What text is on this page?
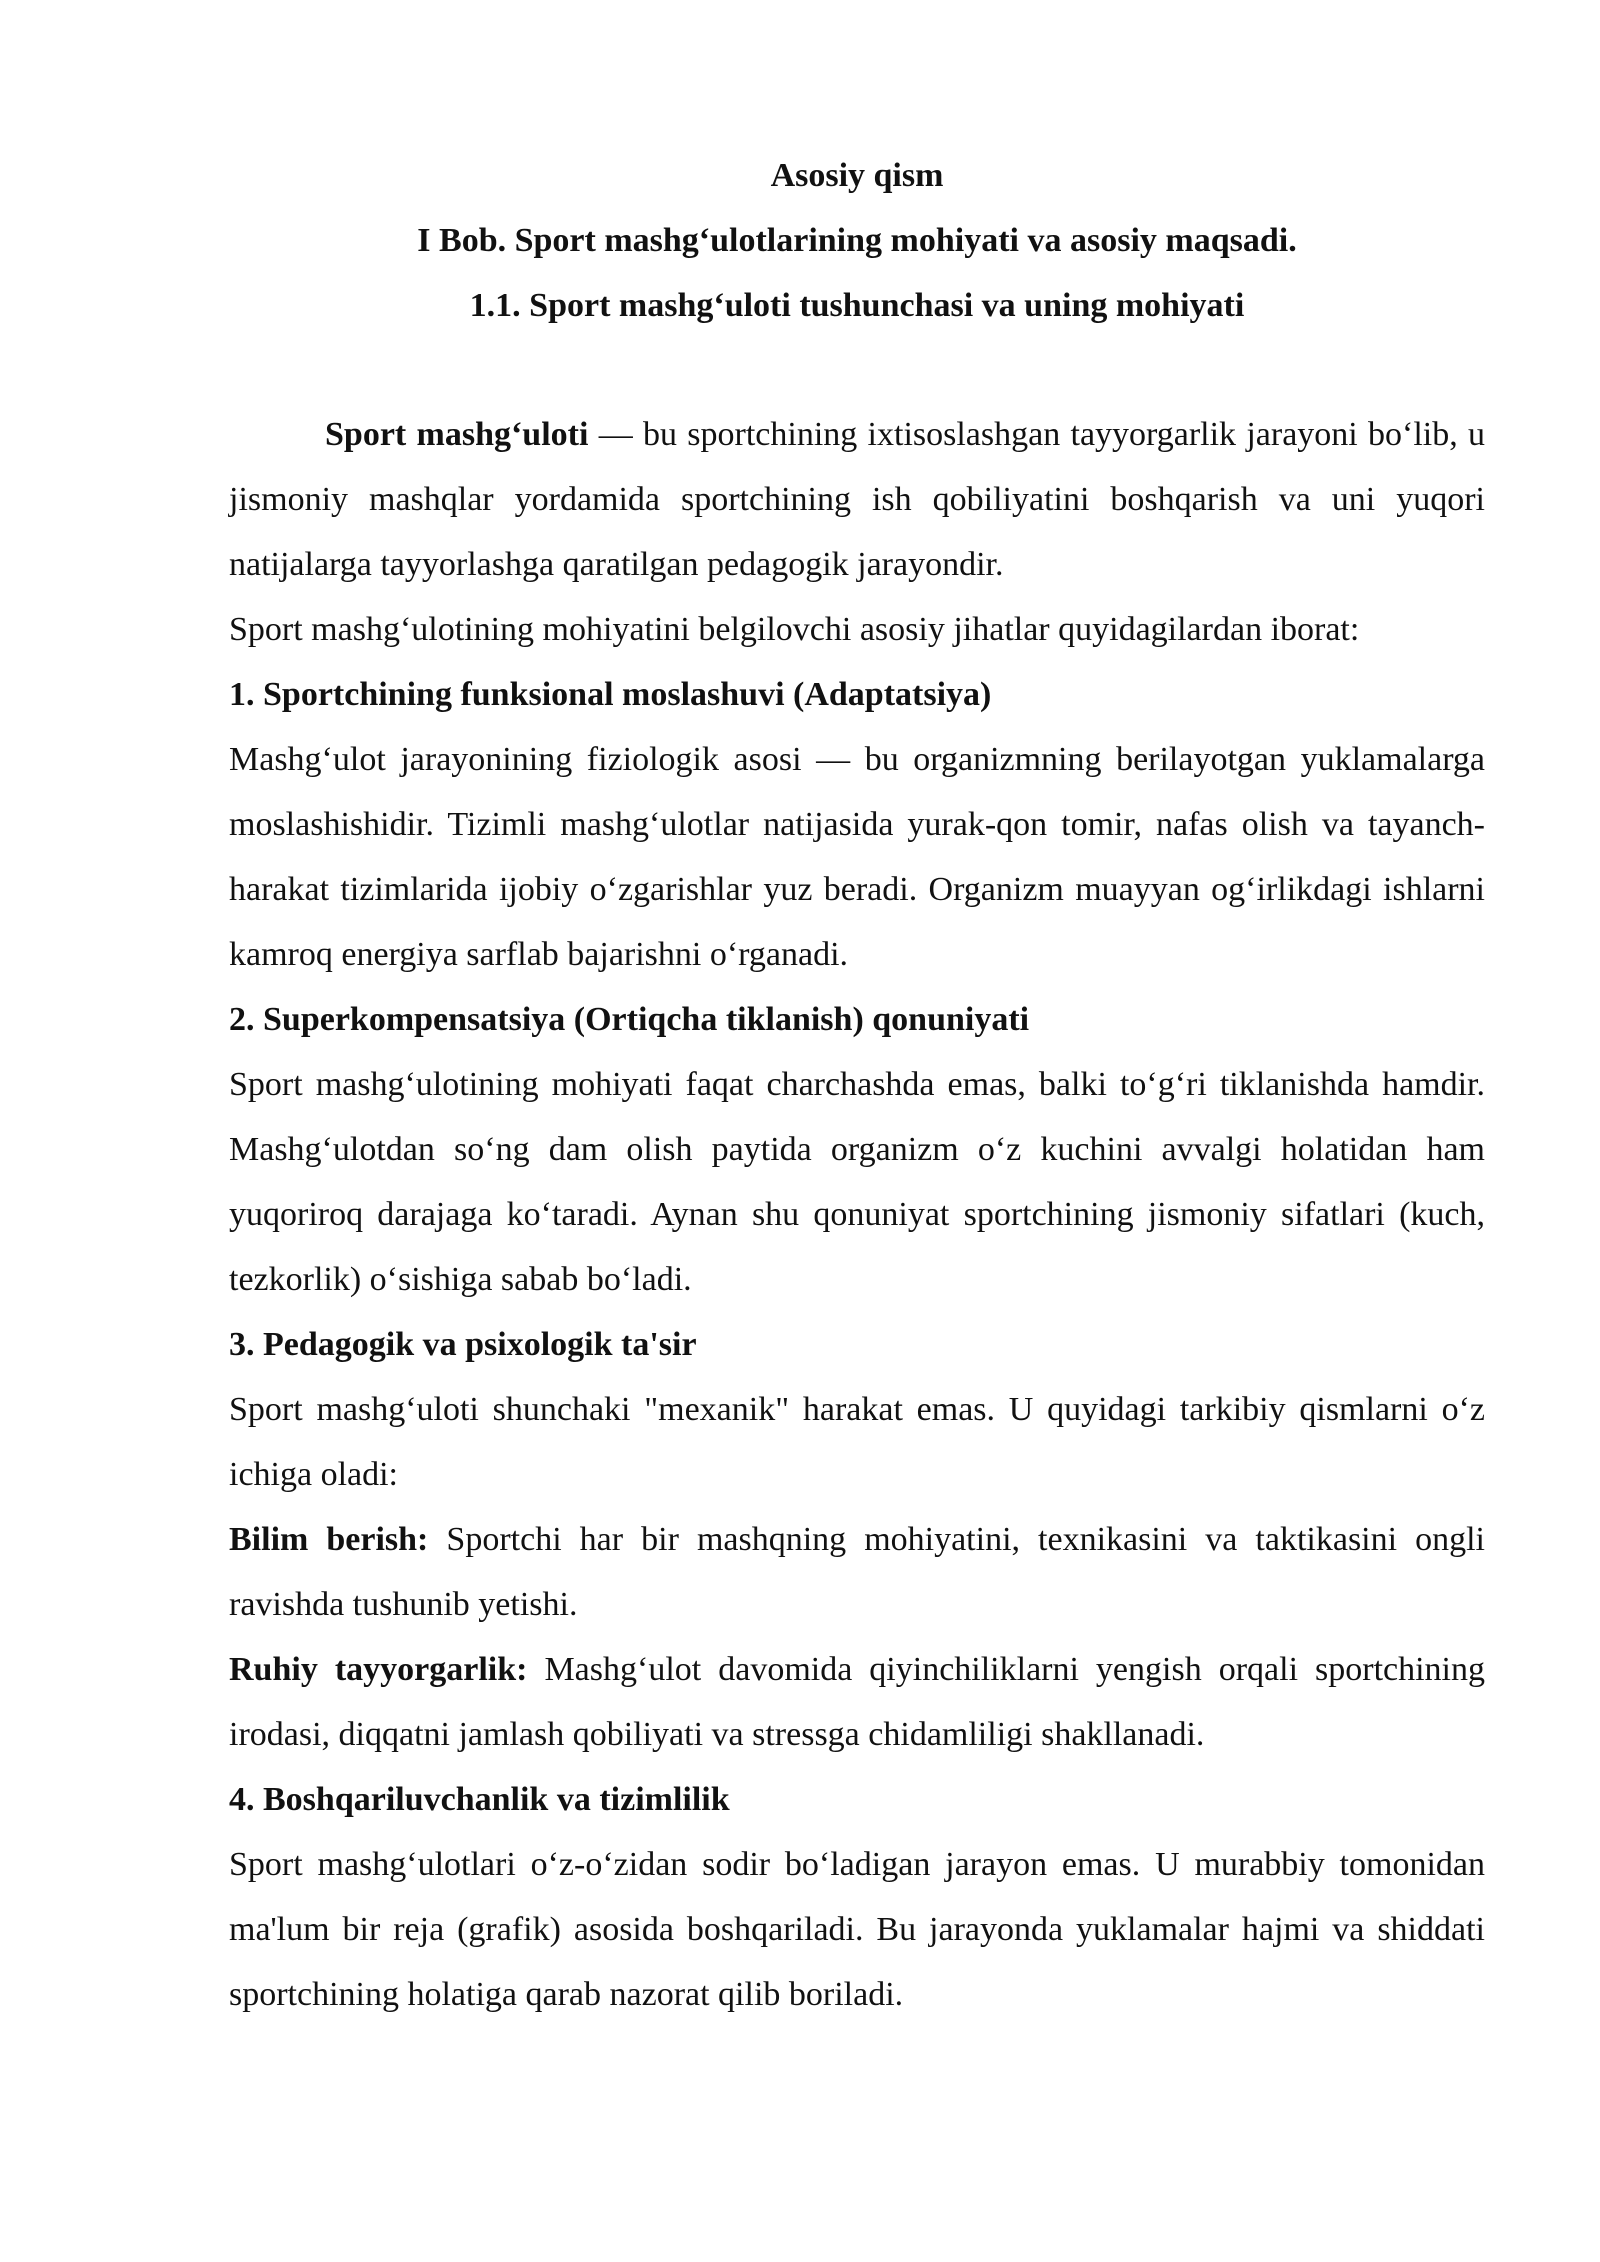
Asosiy qism

I Bob. Sport mashg‘ulotlarining mohiyati va asosiy maqsadi.

1.1. Sport mashg‘uloti tushunchasi va uning mohiyati

Sport mashg‘uloti — bu sportchining ixtisoslashgan tayyorgarlik jarayoni bo‘lib, u jismoniy mashqlar yordamida sportchining ish qobiliyatini boshqarish va uni yuqori natijalarga tayyorlashga qaratilgan pedagogik jarayondir.

Sport mashg‘ulotining mohiyatini belgilovchi asosiy jihatlar quyidagilardan iborat:

1. Sportchining funksional moslashuvi (Adaptatsiya)

Mashg‘ulot jarayonining fiziologik asosi — bu organizmning berilayotgan yuklamalarga moslashishidir. Tizimli mashg‘ulotlar natijasida yurak-qon tomir, nafas olish va tayanch-harakat tizimlarida ijobiy o‘zgarishlar yuz beradi. Organizm muayyan og‘irlikdagi ishlarni kamroq energiya sarflab bajarishni o‘rganadi.

2. Superkompensatsiya (Ortiqcha tiklanish) qonuniyati

Sport mashg‘ulotining mohiyati faqat charchashda emas, balki to‘g‘ri tiklanishda hamdir. Mashg‘ulotdan so‘ng dam olish paytida organizm o‘z kuchini avvalgi holatidan ham yuqoriroq darajaga ko‘taradi. Aynan shu qonuniyat sportchining jismoniy sifatlari (kuch, tezkorlik) o‘sishiga sabab bo‘ladi.

3. Pedagogik va psixologik ta'sir

Sport mashg‘uloti shunchaki "mexanik" harakat emas. U quyidagi tarkibiy qismlarni o‘z ichiga oladi:

Bilim berish: Sportchi har bir mashqning mohiyatini, texnikasini va taktikasini ongli ravishda tushunib yetishi.

Ruhiy tayyorgarlik: Mashg‘ulot davomida qiyinchiliklarni yengish orqali sportchining irodasi, diqqatni jamlash qobiliyati va stressga chidamliligi shakllanadi.

4. Boshqariluvchanlik va tizimlilik

Sport mashg‘ulotlari o‘z-o‘zidan sodir bo‘ladigan jarayon emas. U murabbiy tomonidan ma'lum bir reja (grafik) asosida boshqariladi. Bu jarayonda yuklamalar hajmi va shiddati sportchining holatiga qarab nazorat qilib boriladi.
